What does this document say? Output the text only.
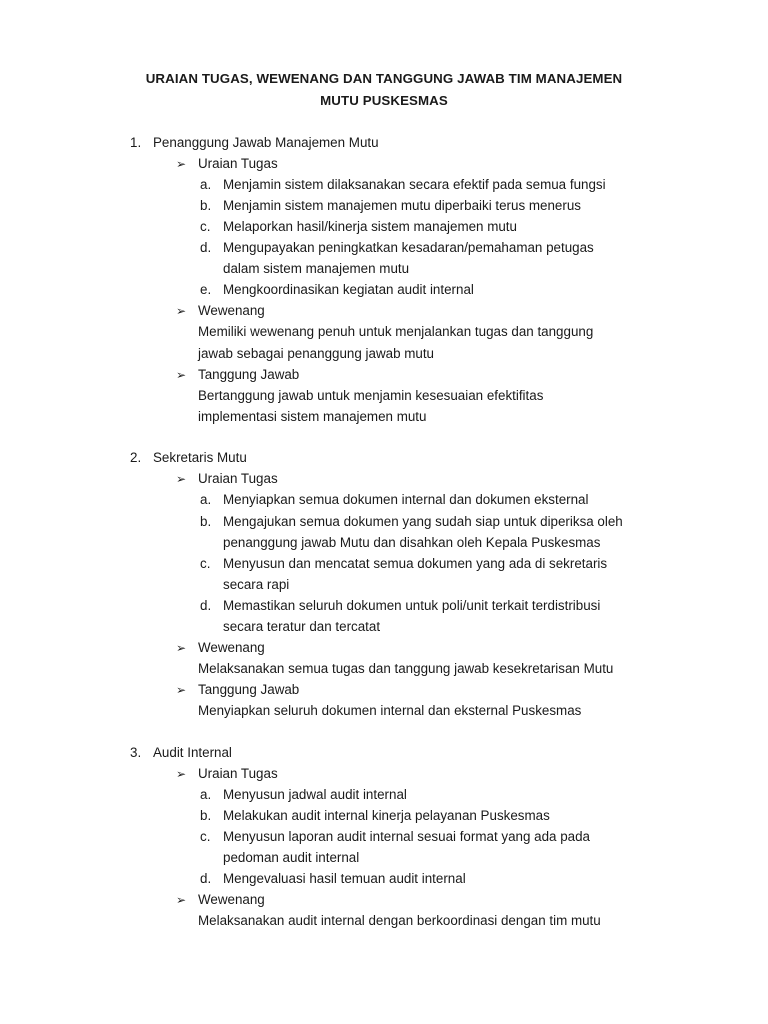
URAIAN TUGAS, WEWENANG DAN TANGGUNG JAWAB TIM MANAJEMEN
MUTU PUSKESMAS
1. Penanggung Jawab Manajemen Mutu
➢ Uraian Tugas
a. Menjamin sistem dilaksanakan secara efektif pada semua fungsi
b. Menjamin sistem manajemen mutu diperbaiki terus menerus
c. Melaporkan hasil/kinerja sistem manajemen mutu
d. Mengupayakan peningkatkan kesadaran/pemahaman petugas
dalam sistem manajemen mutu
e. Mengkoordinasikan kegiatan audit internal
➢ Wewenang
Memiliki wewenang penuh untuk menjalankan tugas dan tanggung
jawab sebagai penanggung jawab mutu
➢ Tanggung Jawab
Bertanggung jawab untuk menjamin kesesuaian efektifitas
implementasi sistem manajemen mutu
2. Sekretaris Mutu
➢ Uraian Tugas
a. Menyiapkan semua dokumen internal dan dokumen eksternal
b. Mengajukan semua dokumen yang sudah siap untuk diperiksa oleh
penanggung jawab Mutu dan disahkan oleh Kepala Puskesmas
c. Menyusun dan mencatat semua dokumen yang ada di sekretaris
secara rapi
d. Memastikan seluruh dokumen untuk poli/unit terkait terdistribusi
secara teratur dan tercatat
➢ Wewenang
Melaksanakan semua tugas dan tanggung jawab kesekretarisan Mutu
➢ Tanggung Jawab
Menyiapkan seluruh dokumen internal dan eksternal Puskesmas
3. Audit Internal
➢ Uraian Tugas
a. Menyusun jadwal audit internal
b. Melakukan audit internal kinerja pelayanan Puskesmas
c. Menyusun laporan audit internal sesuai format yang ada pada
pedoman audit internal
d. Mengevaluasi hasil temuan audit internal
➢ Wewenang
Melaksanakan audit internal dengan berkoordinasi dengan tim mutu
